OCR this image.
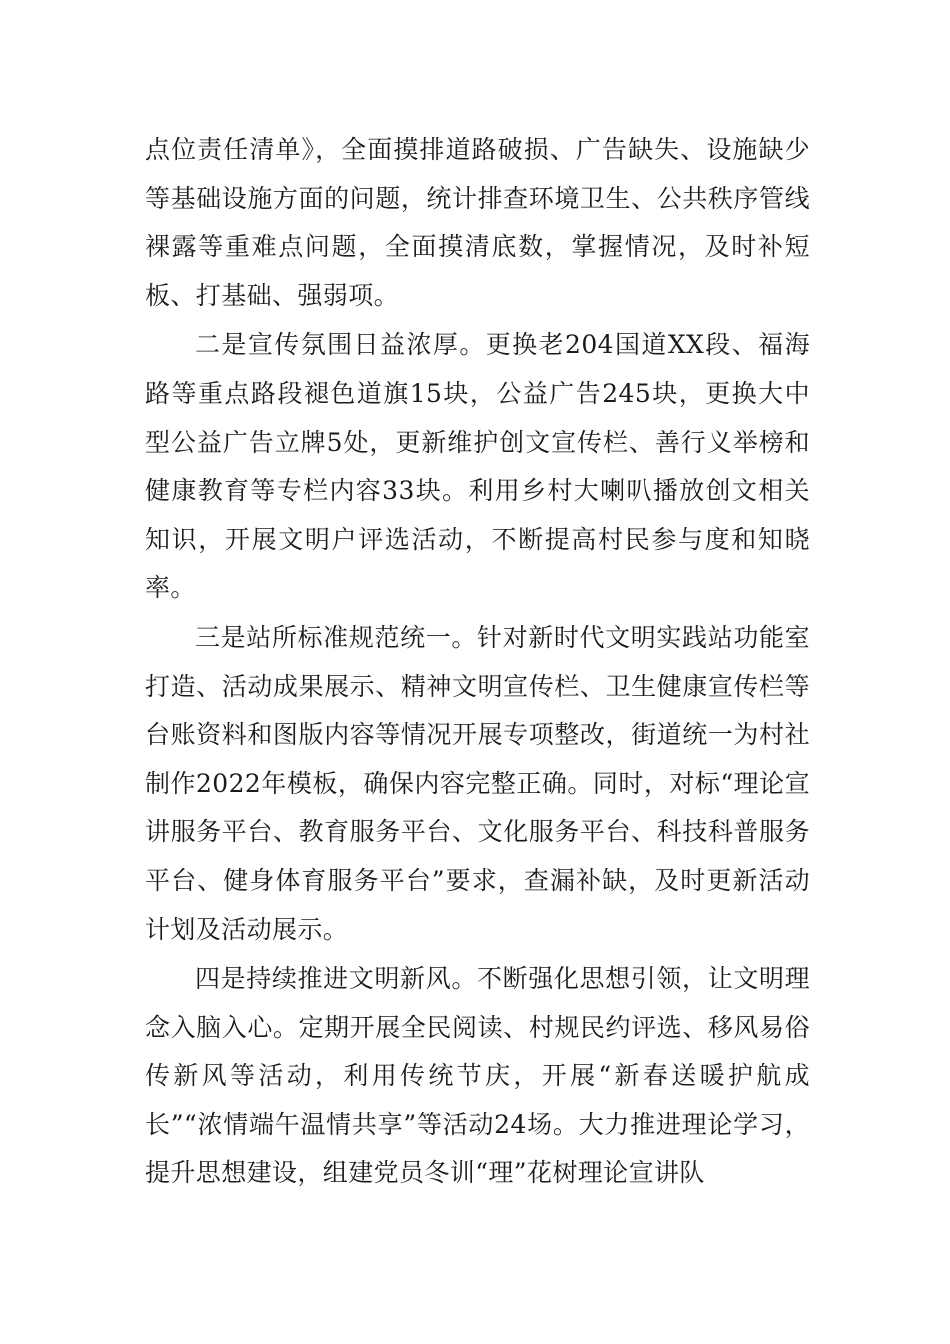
点位责任清单》，全面摸排道路破损、广告缺失、设施缺少等基础设施方面的问题，统计排查环境卫生、公共秩序管线裸露等重难点问题，全面摸清底数，掌握情况，及时补短板、打基础、强弱项。

二是宣传氛围日益浓厚。更换老204国道XX段、福海路等重点路段褪色道旗15块，公益广告245块，更换大中型公益广告立牌5处，更新维护创文宣传栏、善行义举榜和健康教育等专栏内容33块。利用乡村大喇叭播放创文相关知识，开展文明户评选活动，不断提高村民参与度和知晓率。

三是站所标准规范统一。针对新时代文明实践站功能室打造、活动成果展示、精神文明宣传栏、卫生健康宣传栏等台账资料和图版内容等情况开展专项整改，街道统一为村社制作2022年模板，确保内容完整正确。同时，对标“理论宣讲服务平台、教育服务平台、文化服务平台、科技科普服务平台、健身体育服务平台”要求，查漏补缺，及时更新活动计划及活动展示。

四是持续推进文明新风。不断强化思想引领，让文明理念入脑入心。定期开展全民阅读、村规民约评选、移风易俗传新风等活动，利用传统节庆，开展“新春送暖护航成长”“浓情端午温情共享”等活动24场。大力推进理论学习，提升思想建设，组建党员冬训“理”花树理论宣讲队
